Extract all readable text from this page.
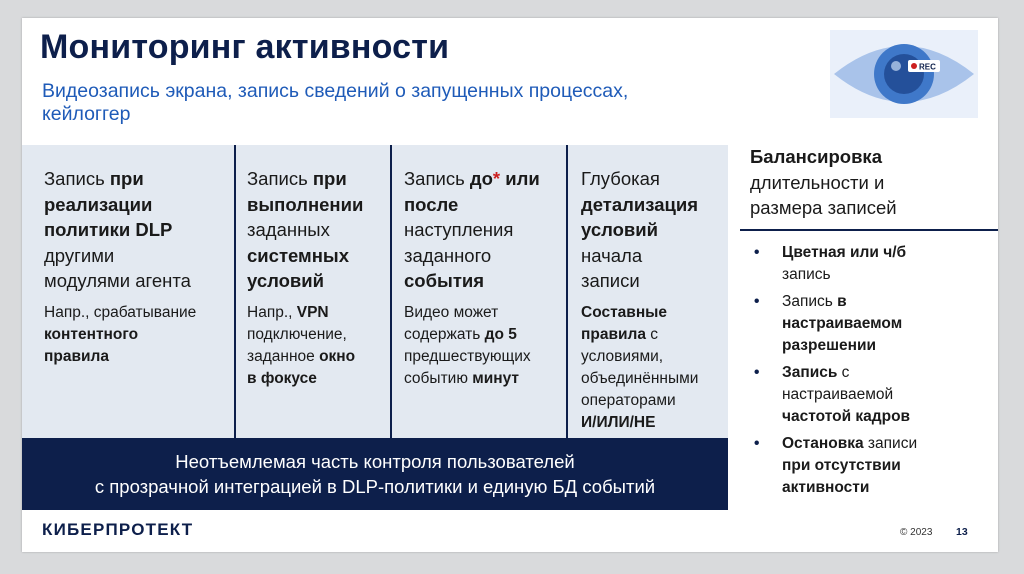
Мониторинг активности
Видеозапись экрана, запись сведений о запущенных процессах,
кейлоггер
REC

Запись при
реализации
политики DLP
другими
модулями агента

Напр., срабатывание
контентного
правила

Запись при
выполнении
заданных
системных
условий

Напр., VPN
подключение,
заданное окно
в фокусе

Запись до* или
после
наступления
заданного
события

Видео может
содержать до 5
предшествующих
событию минут

Глубокая
детализация
условий
начала
записи

Составные
правила с
условиями,
объединёнными
операторами
И/ИЛИ/НЕ

Неотъемлемая часть контроля пользователей
с прозрачной интеграцией в DLP-политики и единую БД событий
Балансировка
длительности и
размера записей
• Цветная или ч/б
запись
• Запись в
настраиваемом
разрешении
• Запись с
настраиваемой
частотой кадров
• Остановка записи
при отсутствии
активности
КИБЕРПРОТЕКТ	© 2023 13
